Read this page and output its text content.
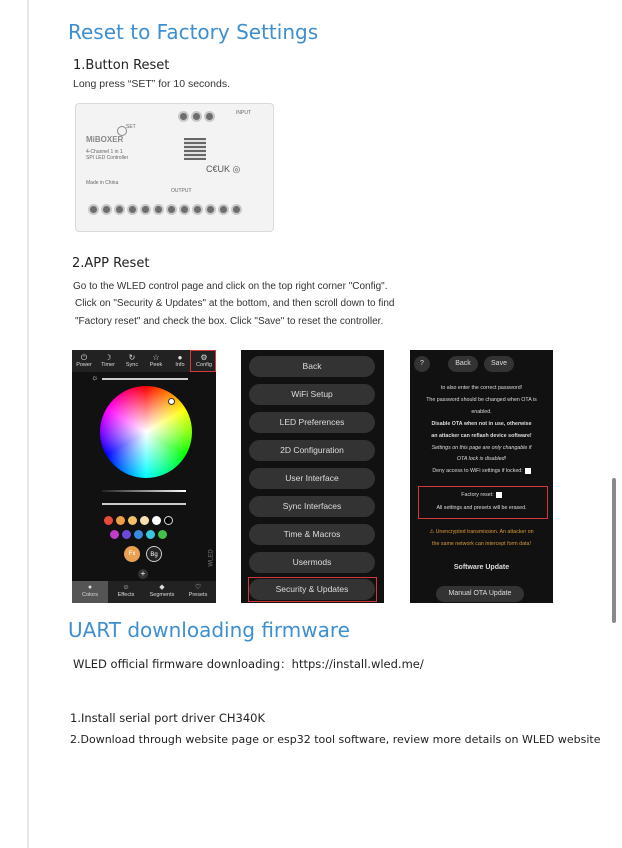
Reset to Factory Settings
1.Button Reset
Long press “SET” for 10 seconds.
INPUT
SET
MiBOXER
4-Channel 1 in 1
SPI LED Controller
Made in China
C€UK ◎
OUTPUT
2.APP Reset
Go to the WLED control page and click on the top right corner "Config".
Click on "Security & Updates" at the bottom, and then scroll down to find
"Factory reset" and check the box. Click "Save" to reset the controller.
⏻
Power
☽
Timer
↻
Sync
☆
Peek
●
Info
⚙
Config
☼
Fx	Bg
+
WLED
●
Colors
☺
Effects
◆
Segments
♡
Presets
Back
WiFi Setup
LED Preferences
2D Configuration
User Interface
Sync Interfaces
Time & Macros
Usermods
Security & Updates
?	Back	Save
to also enter the correct password!
The password should be changed when OTA is
enabled.
Disable OTA when not in use, otherwise
an attacker can reflash device software!
Settings on this page are only changable if
OTA lock is disabled!
Deny access to WiFi settings if locked:
Factory reset:
All settings and presets will be erased.
⚠ Unencrypted transmission. An attacker on
the same network can intercept form data!
Software Update
Manual OTA Update
UART downloading firmware
WLED official firmware downloading：https://install.wled.me/
1.Install serial port driver CH340K
2.Download through website page or esp32 tool software, review more details on WLED website
